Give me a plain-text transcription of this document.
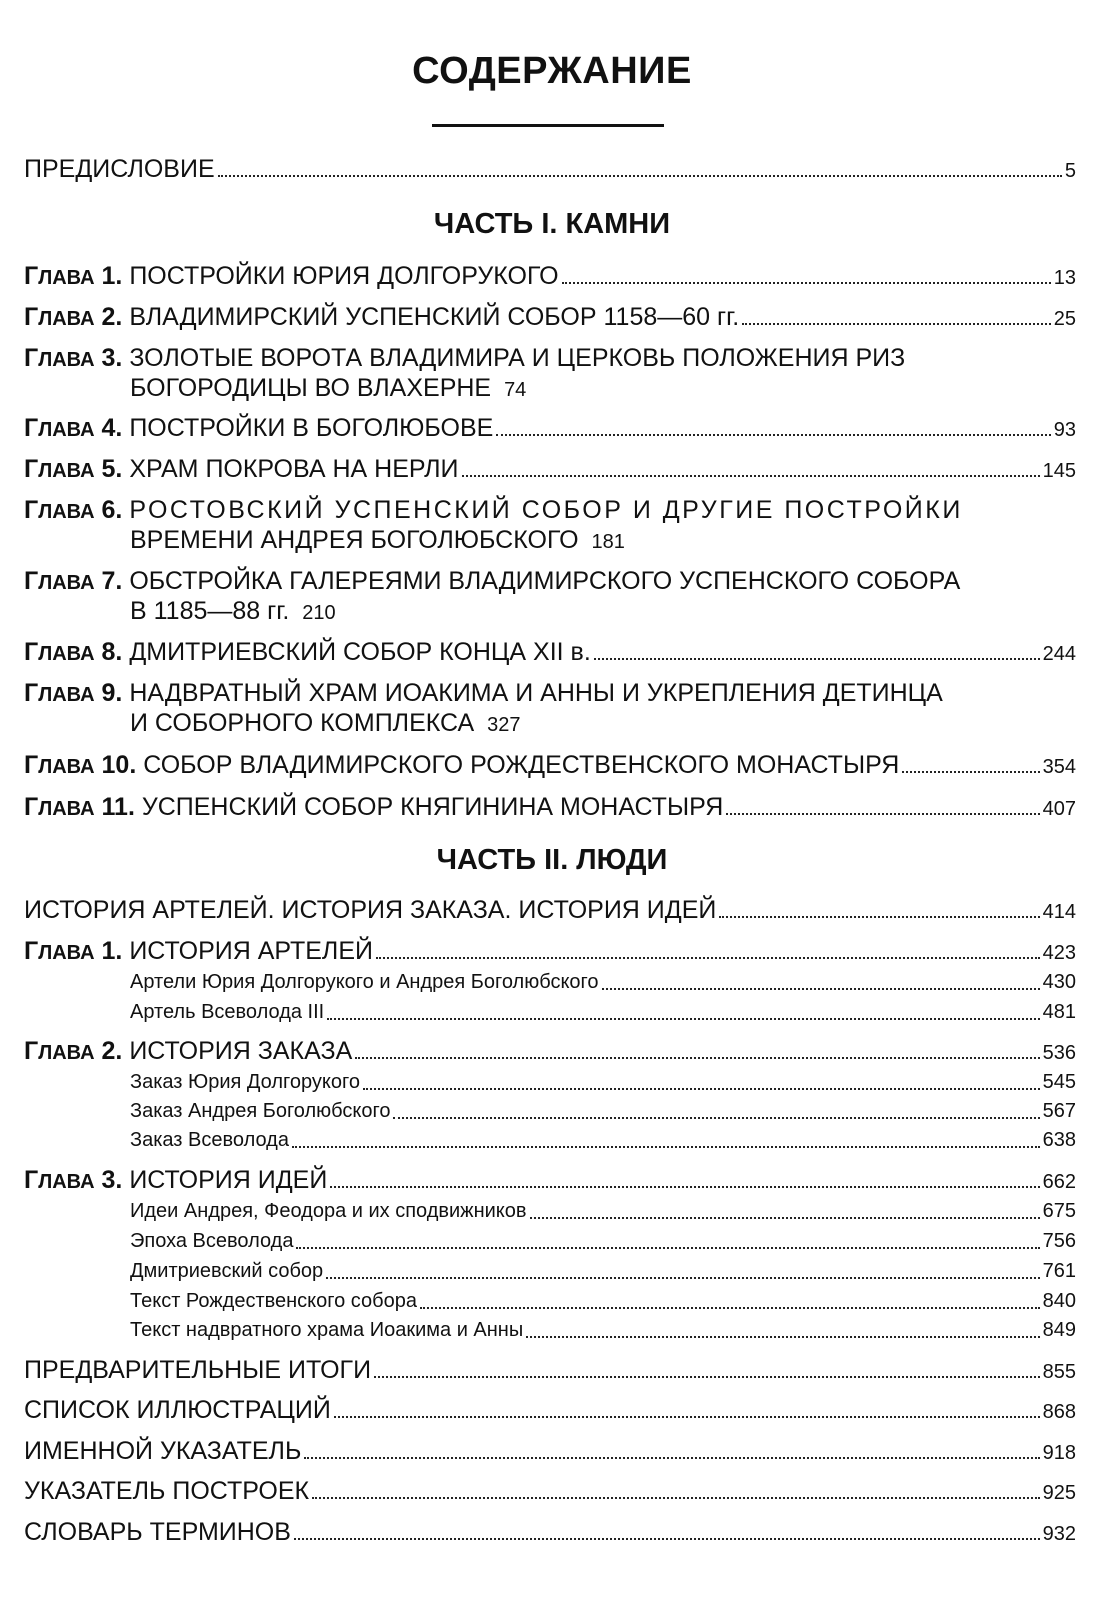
СОДЕРЖАНИЕ
ПРЕДИСЛОВИЕ	5
ЧАСТЬ I. КАМНИ
ГЛАВА 1. ПОСТРОЙКИ ЮРИЯ ДОЛГОРУКОГО	13
ГЛАВА 2. ВЛАДИМИРСКИЙ УСПЕНСКИЙ СОБОР 1158—60 гг.	25
ГЛАВА 3. ЗОЛОТЫЕ ВОРОТА ВЛАДИМИРА И ЦЕРКОВЬ ПОЛОЖЕНИЯ РИЗ
БОГОРОДИЦЫ ВО ВЛАХЕРНЕ 74
ГЛАВА 4. ПОСТРОЙКИ В БОГОЛЮБОВЕ	93
ГЛАВА 5. ХРАМ ПОКРОВА НА НЕРЛИ	145
ГЛАВА 6. РОСТОВСКИЙ УСПЕНСКИЙ СОБОР И ДРУГИЕ ПОСТРОЙКИ
ВРЕМЕНИ АНДРЕЯ БОГОЛЮБСКОГО 181
ГЛАВА 7. ОБСТРОЙКА ГАЛЕРЕЯМИ ВЛАДИМИРСКОГО УСПЕНСКОГО СОБОРА
В 1185—88 гг. 210
ГЛАВА 8. ДМИТРИЕВСКИЙ СОБОР КОНЦА XII в.	244
ГЛАВА 9. НАДВРАТНЫЙ ХРАМ ИОАКИМА И АННЫ И УКРЕПЛЕНИЯ ДЕТИНЦА
И СОБОРНОГО КОМПЛЕКСА 327
ГЛАВА 10. СОБОР ВЛАДИМИРСКОГО РОЖДЕСТВЕНСКОГО МОНАСТЫРЯ	354
ГЛАВА 11. УСПЕНСКИЙ СОБОР КНЯГИНИНА МОНАСТЫРЯ	407
ЧАСТЬ II. ЛЮДИ
ИСТОРИЯ АРТЕЛЕЙ. ИСТОРИЯ ЗАКАЗА. ИСТОРИЯ ИДЕЙ	414
ГЛАВА 1. ИСТОРИЯ АРТЕЛЕЙ	423
Артели Юрия Долгорукого и Андрея Боголюбского	430
Артель Всеволода III	481
ГЛАВА 2. ИСТОРИЯ ЗАКАЗА	536
Заказ Юрия Долгорукого	545
Заказ Андрея Боголюбского	567
Заказ Всеволода	638
ГЛАВА 3. ИСТОРИЯ ИДЕЙ	662
Идеи Андрея, Феодора и их сподвижников	675
Эпоха Всеволода	756
Дмитриевский собор	761
Текст Рождественского собора	840
Текст надвратного храма Иоакима и Анны	849
ПРЕДВАРИТЕЛЬНЫЕ ИТОГИ	855
СПИСОК ИЛЛЮСТРАЦИЙ	868
ИМЕННОЙ УКАЗАТЕЛЬ	918
УКАЗАТЕЛЬ ПОСТРОЕК	925
СЛОВАРЬ ТЕРМИНОВ	932
